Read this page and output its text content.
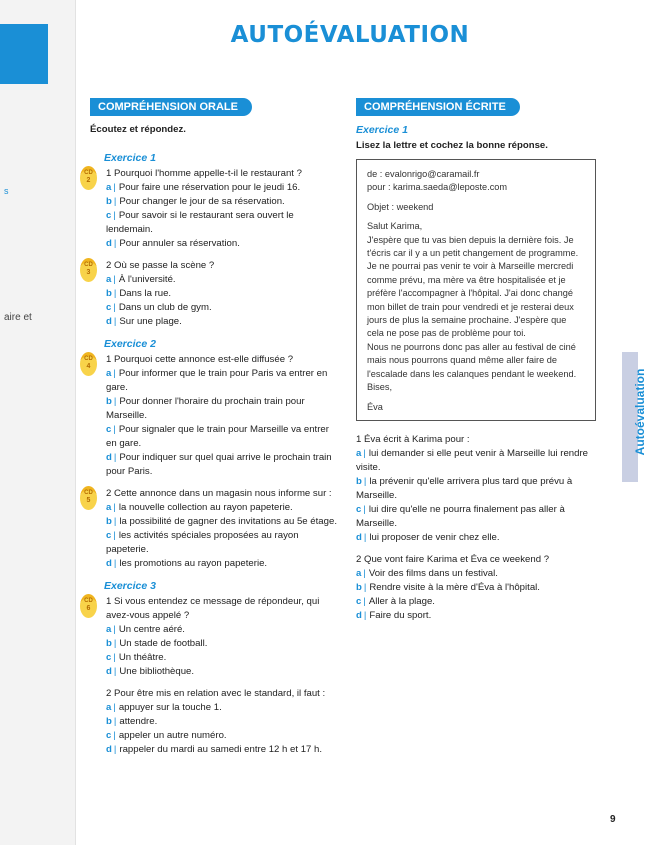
s
aire et
AUTOÉVALUATION
COMPRÉHENSION ORALE
Écoutez et répondez.
Exercice 1
CD
2
1 Pourquoi l'homme appelle-t-il le restaurant ?
a | Pour faire une réservation pour le jeudi 16.
b | Pour changer le jour de sa réservation.
c | Pour savoir si le restaurant sera ouvert le lendemain.
d | Pour annuler sa réservation.
CD
3
2 Où se passe la scène ?
a | À l'université.
b | Dans la rue.
c | Dans un club de gym.
d | Sur une plage.
Exercice 2
CD
4
1 Pourquoi cette annonce est-elle diffusée ?
a | Pour informer que le train pour Paris va entrer en gare.
b | Pour donner l'horaire du prochain train pour Marseille.
c | Pour signaler que le train pour Marseille va entrer en gare.
d | Pour indiquer sur quel quai arrive le prochain train pour Paris.
CD
5
2 Cette annonce dans un magasin nous informe sur :
a | la nouvelle collection au rayon papeterie.
b | la possibilité de gagner des invitations au 5e étage.
c | les activités spéciales proposées au rayon papeterie.
d | les promotions au rayon papeterie.
Exercice 3
CD
6
1 Si vous entendez ce message de répondeur, qui avez-vous appelé ?
a | Un centre aéré.
b | Un stade de football.
c | Un théâtre.
d | Une bibliothèque.
2 Pour être mis en relation avec le standard, il faut :
a | appuyer sur la touche 1.
b | attendre.
c | appeler un autre numéro.
d | rappeler du mardi au samedi entre 12 h et 17 h.
COMPRÉHENSION ÉCRITE
Exercice 1
Lisez la lettre et cochez la bonne réponse.
de : evalonrigo@caramail.fr
pour : karima.saeda@leposte.com
Objet : weekend
Salut Karima,
J'espère que tu vas bien depuis la dernière fois. Je t'écris car il y a un petit changement de programme. Je ne pourrai pas venir te voir à Marseille mercredi comme prévu, ma mère va être hospitalisée et je préfère l'accompagner à l'hôpital. J'ai donc changé mon billet de train pour vendredi et je resterai deux jours de plus la semaine prochaine. J'espère que cela ne pose pas de problème pour toi.
Nous ne pourrons donc pas aller au festival de ciné mais nous pourrons quand même aller faire de l'escalade dans les calanques pendant le weekend.
Bises,
Éva
1 Éva écrit à Karima pour :
a | lui demander si elle peut venir à Marseille lui rendre visite.
b | la prévenir qu'elle arrivera plus tard que prévu à Marseille.
c | lui dire qu'elle ne pourra finalement pas aller à Marseille.
d | lui proposer de venir chez elle.
2 Que vont faire Karima et Éva ce weekend ?
a | Voir des films dans un festival.
b | Rendre visite à la mère d'Éva à l'hôpital.
c | Aller à la plage.
d | Faire du sport.
Autoévaluation
9
